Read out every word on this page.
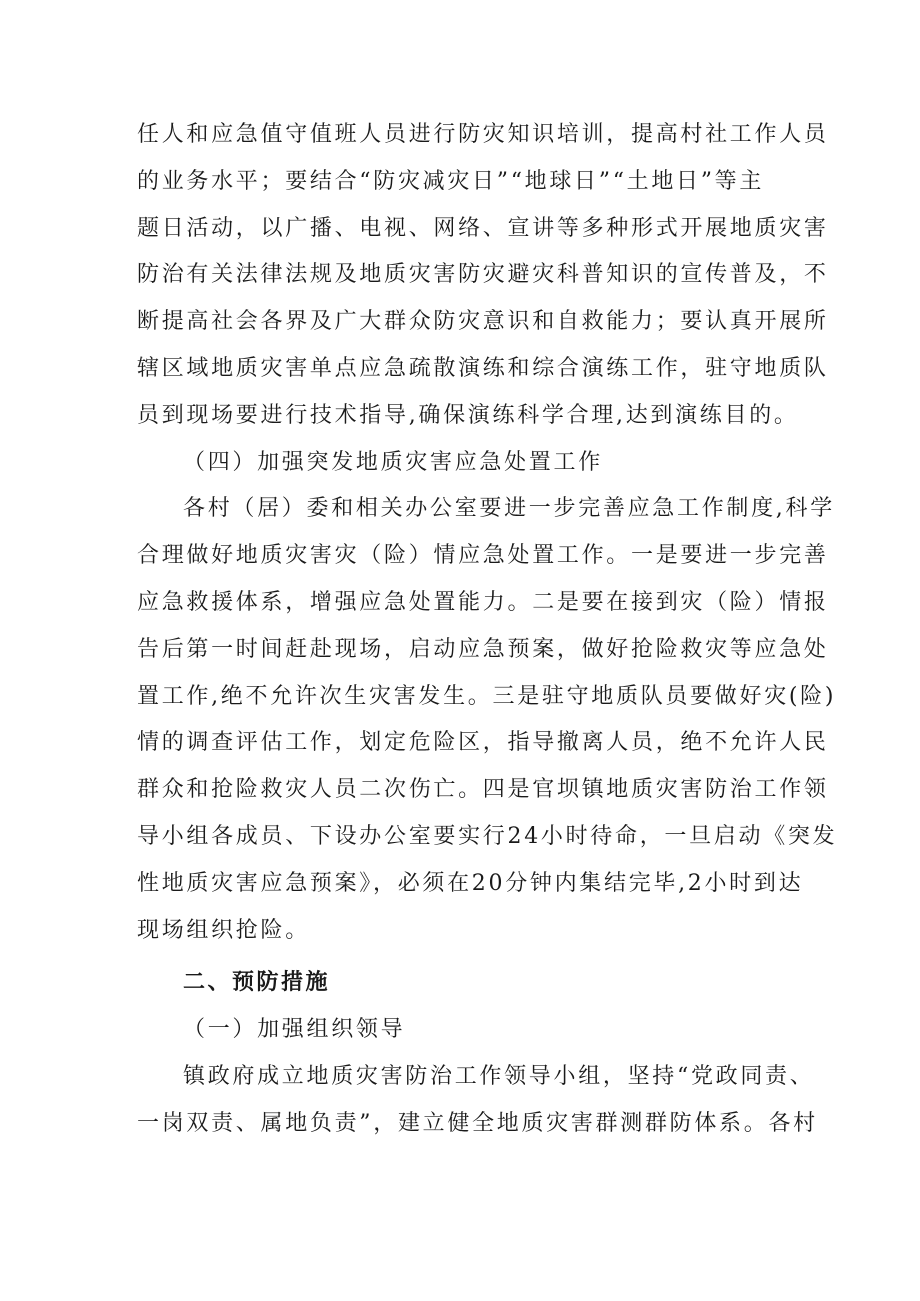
任人和应急值守值班人员进行防灾知识培训，提高村社工作人员
的业务水平；要结合“防灾减灾日”“地球日”“土地日”等主
题日活动，以广播、电视、网络、宣讲等多种形式开展地质灾害
防治有关法律法规及地质灾害防灾避灾科普知识的宣传普及，不
断提高社会各界及广大群众防灾意识和自救能力；要认真开展所
辖区域地质灾害单点应急疏散演练和综合演练工作，驻守地质队
员到现场要进行技术指导,确保演练科学合理,达到演练目的。
（四）加强突发地质灾害应急处置工作
各村（居）委和相关办公室要进一步完善应急工作制度,科学
合理做好地质灾害灾（险）情应急处置工作。一是要进一步完善
应急救援体系，增强应急处置能力。二是要在接到灾（险）情报
告后第一时间赶赴现场，启动应急预案，做好抢险救灾等应急处
置工作,绝不允许次生灾害发生。三是驻守地质队员要做好灾(险)
情的调查评估工作，划定危险区，指导撤离人员，绝不允许人民
群众和抢险救灾人员二次伤亡。四是官坝镇地质灾害防治工作领
导小组各成员、下设办公室要实行24小时待命，一旦启动《突发
性地质灾害应急预案》，必须在20分钟内集结完毕,2小时到达
现场组织抢险。
二、预防措施
（一）加强组织领导
镇政府成立地质灾害防治工作领导小组，坚持“党政同责、
一岗双责、属地负责”，建立健全地质灾害群测群防体系。各村
